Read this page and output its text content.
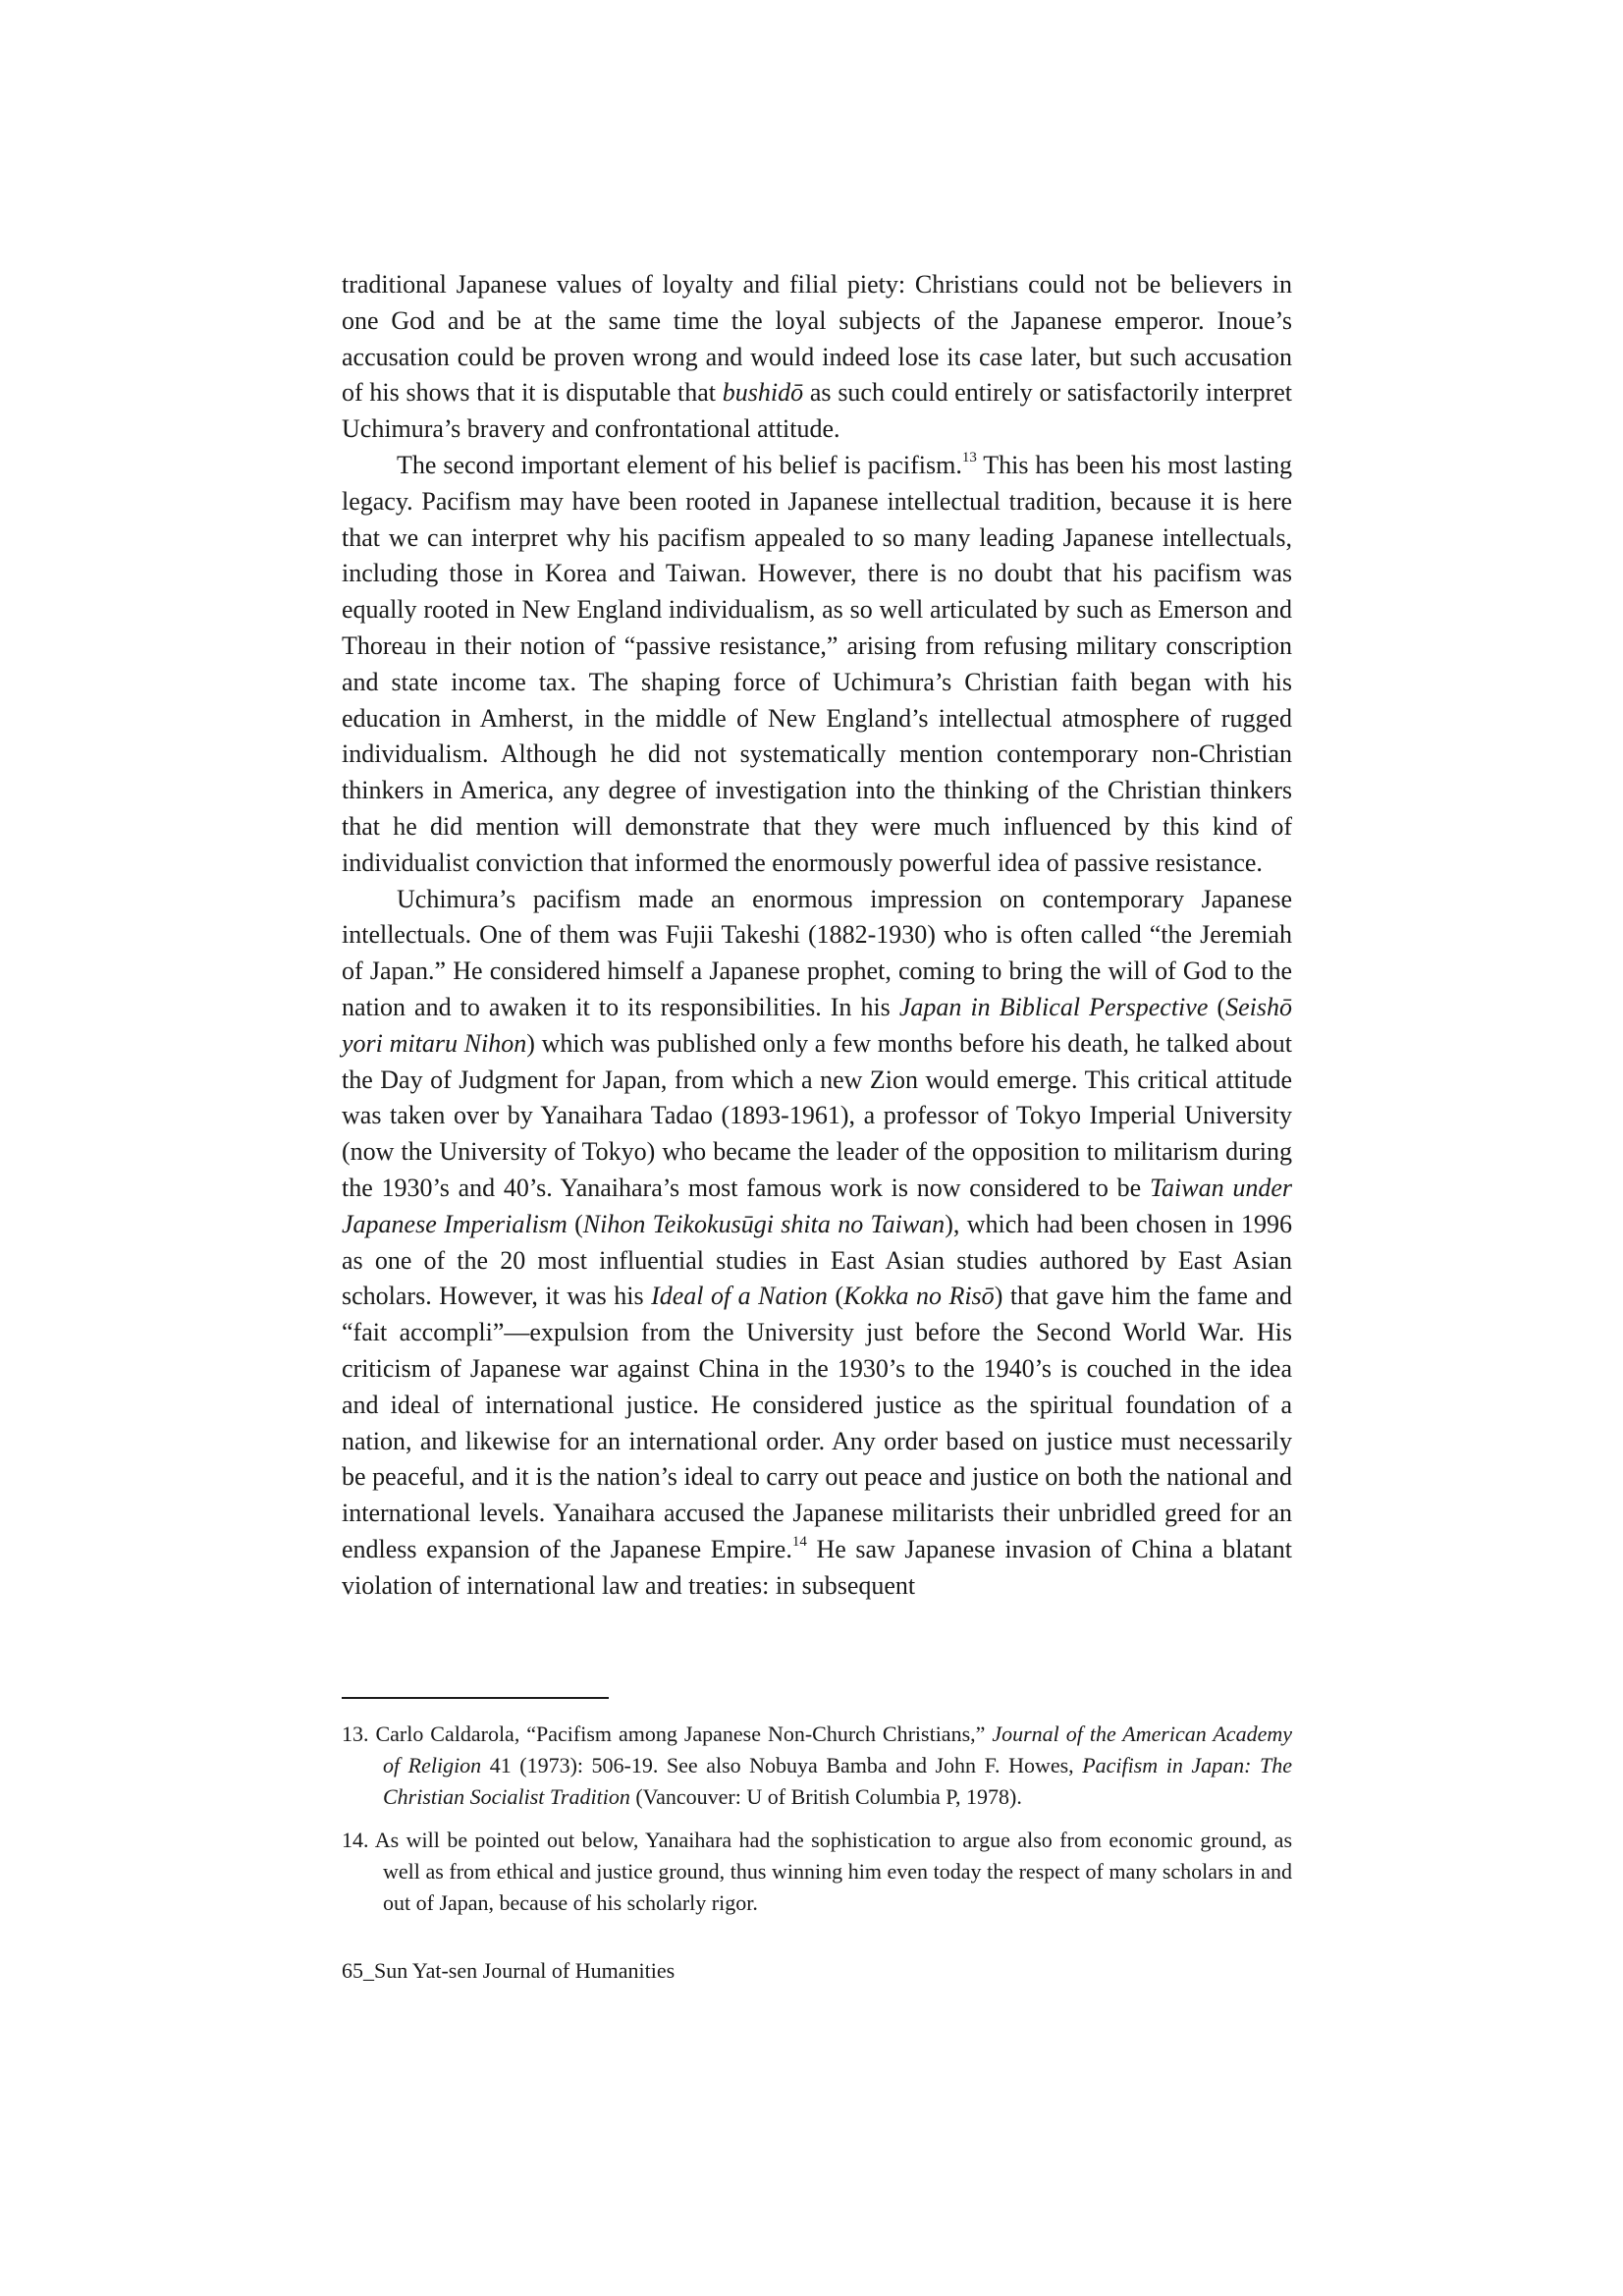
traditional Japanese values of loyalty and filial piety: Christians could not be believers in one God and be at the same time the loyal subjects of the Japanese emperor. Inoue’s accusation could be proven wrong and would indeed lose its case later, but such accusation of his shows that it is disputable that bushidō as such could entirely or satisfactorily interpret Uchimura’s bravery and confrontational attitude.

The second important element of his belief is pacifism.$^{13}$ This has been his most lasting legacy. Pacifism may have been rooted in Japanese intellectual tradition, because it is here that we can interpret why his pacifism appealed to so many leading Japanese intellectuals, including those in Korea and Taiwan. However, there is no doubt that his pacifism was equally rooted in New England individualism, as so well articulated by such as Emerson and Thoreau in their notion of “passive resistance,” arising from refusing military conscription and state income tax. The shaping force of Uchimura’s Christian faith began with his education in Amherst, in the middle of New England’s intellectual atmosphere of rugged individualism. Although he did not systematically mention contemporary non-Christian thinkers in America, any degree of investigation into the thinking of the Christian thinkers that he did mention will demonstrate that they were much influenced by this kind of individualist conviction that informed the enormously powerful idea of passive resistance.

Uchimura’s pacifism made an enormous impression on contemporary Japanese intellectuals. One of them was Fujii Takeshi (1882-1930) who is often called “the Jeremiah of Japan.” He considered himself a Japanese prophet, coming to bring the will of God to the nation and to awaken it to its responsibilities. In his Japan in Biblical Perspective (Seishō yori mitaru Nihon) which was published only a few months before his death, he talked about the Day of Judgment for Japan, from which a new Zion would emerge. This critical attitude was taken over by Yanaihara Tadao (1893-1961), a professor of Tokyo Imperial University (now the University of Tokyo) who became the leader of the opposition to militarism during the 1930’s and 40’s. Yanaihara’s most famous work is now considered to be Taiwan under Japanese Imperialism (Nihon Teikokusūgi shita no Taiwan), which had been chosen in 1996 as one of the 20 most influential studies in East Asian studies authored by East Asian scholars. However, it was his Ideal of a Nation (Kokka no Risō) that gave him the fame and “fait accompli”—expulsion from the University just before the Second World War. His criticism of Japanese war against China in the 1930’s to the 1940’s is couched in the idea and ideal of international justice. He considered justice as the spiritual foundation of a nation, and likewise for an international order. Any order based on justice must necessarily be peaceful, and it is the nation’s ideal to carry out peace and justice on both the national and international levels. Yanaihara accused the Japanese militarists their unbridled greed for an endless expansion of the Japanese Empire.$^{14}$ He saw Japanese invasion of China a blatant violation of international law and treaties: in subsequent

13. Carlo Caldarola, “Pacifism among Japanese Non-Church Christians,” Journal of the American Academy of Religion 41 (1973): 506-19. See also Nobuya Bamba and John F. Howes, Pacifism in Japan: The Christian Socialist Tradition (Vancouver: U of British Columbia P, 1978).

14. As will be pointed out below, Yanaihara had the sophistication to argue also from economic ground, as well as from ethical and justice ground, thus winning him even today the respect of many scholars in and out of Japan, because of his scholarly rigor.

65_Sun Yat-sen Journal of Humanities
